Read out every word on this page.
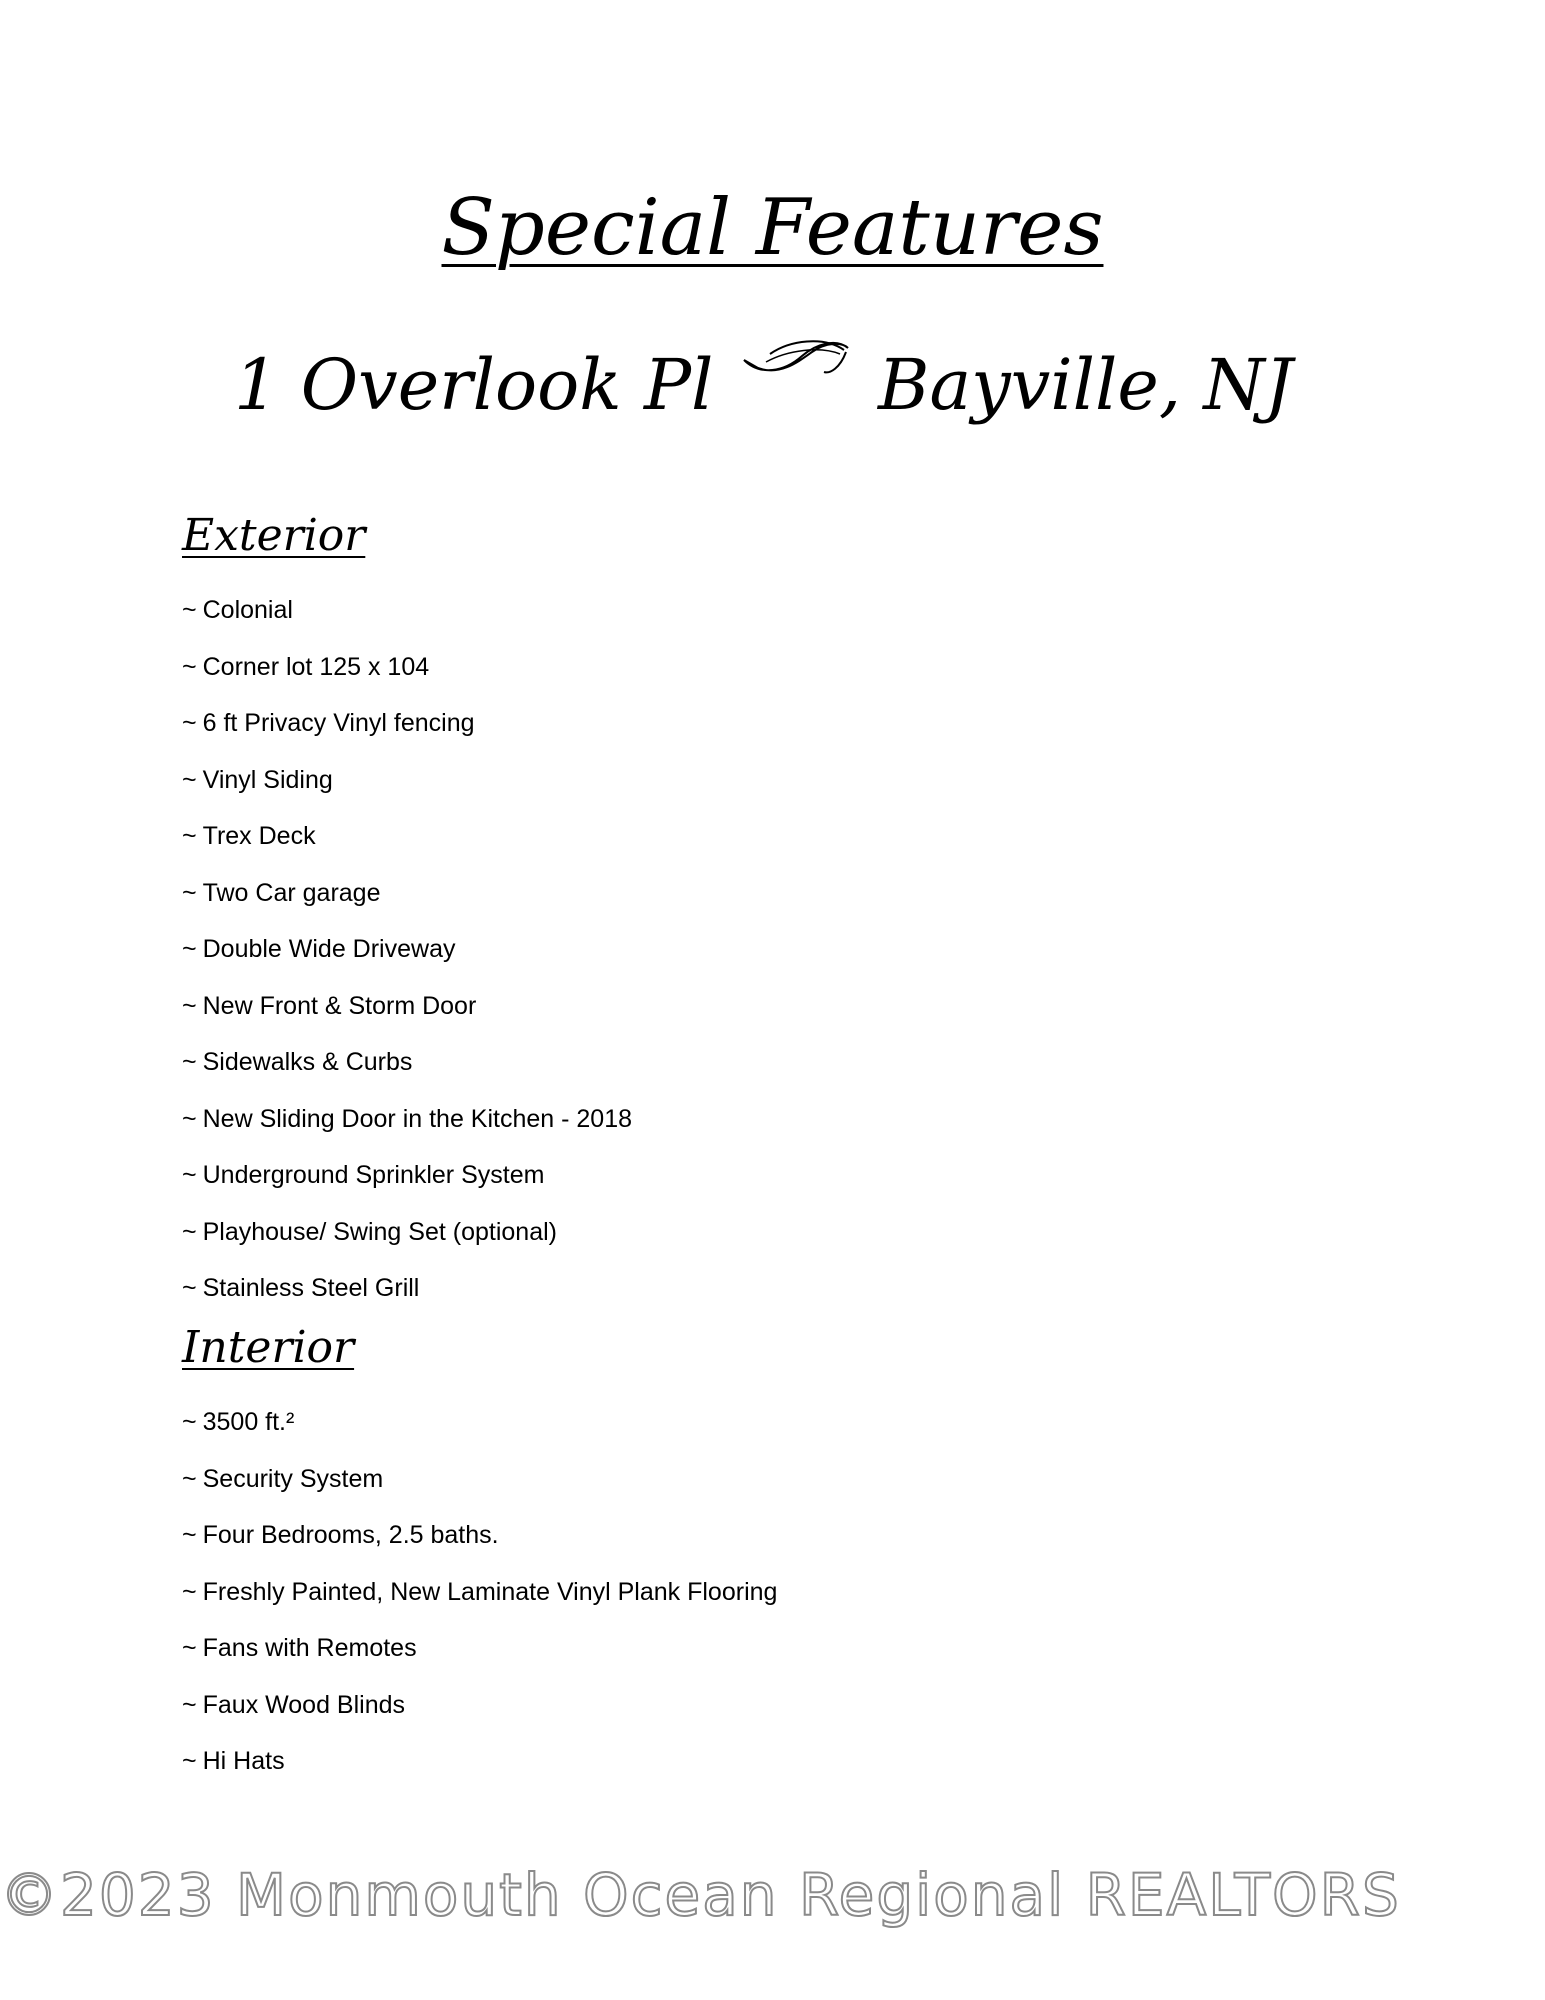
Special Features
1 Overlook Pl Bayville, NJ
Exterior
~ Colonial
~ Corner lot 125 x 104
~ 6 ft Privacy Vinyl fencing
~ Vinyl Siding
~ Trex Deck
~ Two Car garage
~ Double Wide Driveway
~ New Front & Storm Door
~ Sidewalks & Curbs
~ New Sliding Door in the Kitchen - 2018
~ Underground Sprinkler System
~ Playhouse/ Swing Set (optional)
~ Stainless Steel Grill
Interior
~ 3500 ft.²
~ Security System
~ Four Bedrooms, 2.5 baths.
~ Freshly Painted, New Laminate Vinyl Plank Flooring
~ Fans with Remotes
~ Faux Wood Blinds
~ Hi Hats
©2023 Monmouth Ocean Regional REALTORS
